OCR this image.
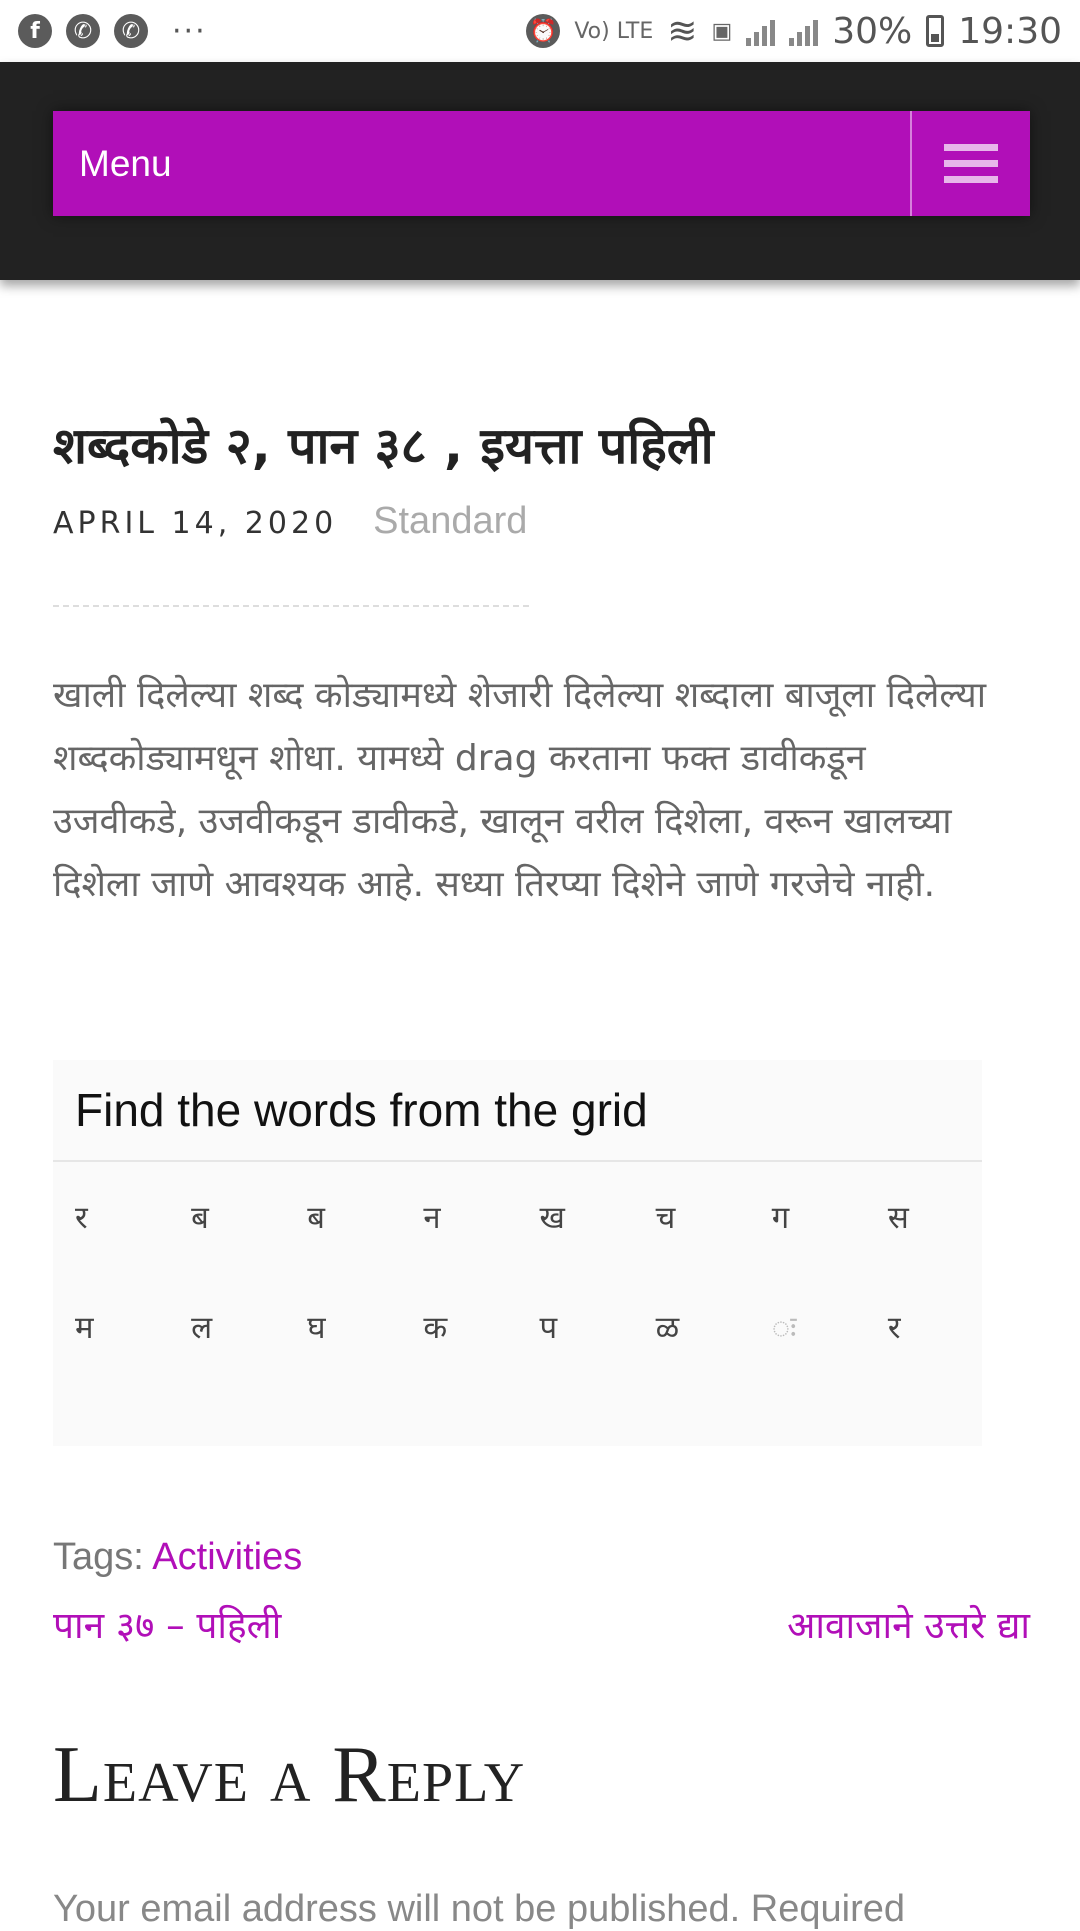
f	✆	✆ ···	⏰ Vo) LTE ≋ ▣	30% 19:30
Menu
शब्दकोडे २, पान ३८ , इयत्ता पहिली
APRIL 14, 2020 Standard
खाली दिलेल्या शब्द कोड्यामध्ये शेजारी दिलेल्या शब्दाला बाजूला दिलेल्या शब्दकोड्यामधून शोधा. यामध्ये drag करताना फक्त डावीकडून उजवीकडे, उजवीकडून डावीकडे, खालून वरील दिशेला, वरून खालच्या दिशेला जाणे आवश्यक आहे. सध्या तिरप्या दिशेने जाणे गरजेचे नाही.
Find the words from the grid
र	ब	ब	न	ख	च	ग	स
म	ल	घ	क	प	ळ	ः	र
Tags: Activities
पान ३७ – पहिली	आवाजाने उत्तरे द्या
Leave a Reply
Your email address will not be published. Required
